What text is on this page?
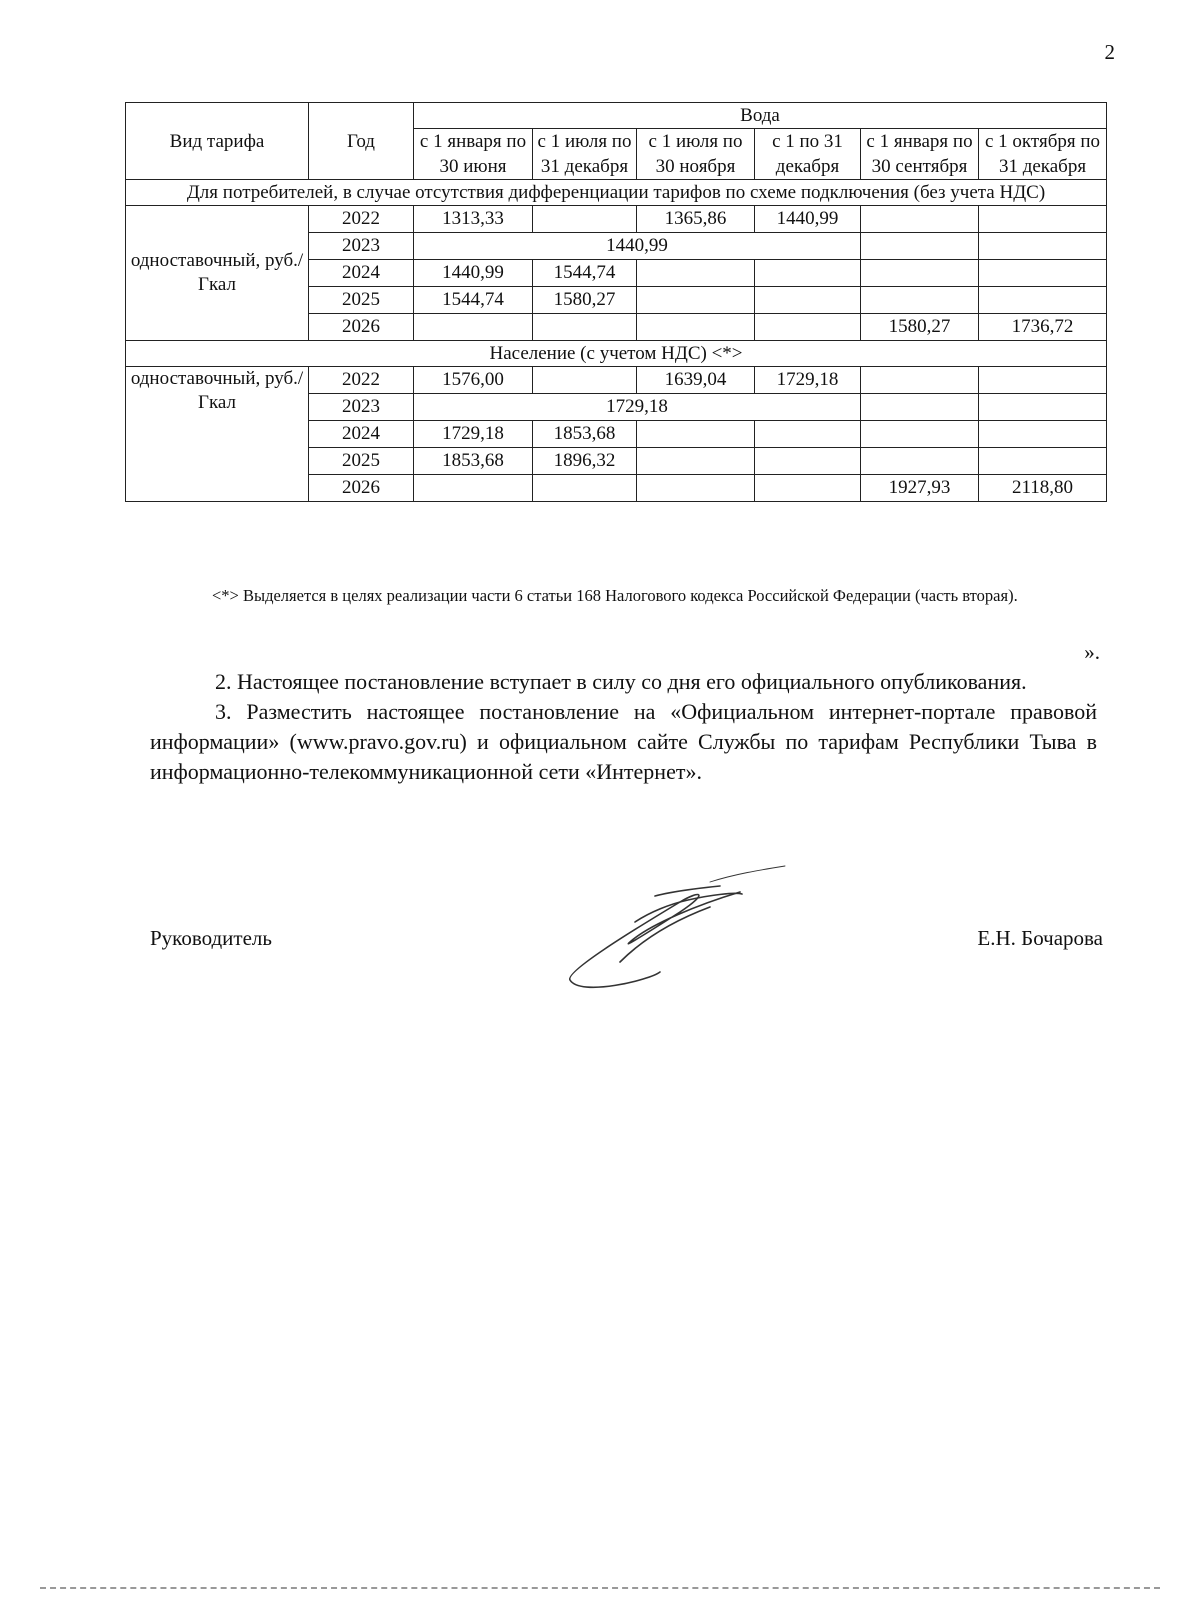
2
Вид тарифа	Год	Вода					
		с 1 января по 30 июня	с 1 июля по 31 декабря	с 1 июля по 30 ноября	с 1 по 31 декабря	с 1 января по 30 сентября	с 1 октября по 31 декабря
Для потребителей, в случае отсутствия дифференциации тарифов по схеме подключения (без учета НДС)							
одноставочный, руб./Гкал	2022	1313,33		1365,86	1440,99		
	2023	1440,99					
	2024	1440,99	1544,74				
	2025	1544,74	1580,27				
	2026					1580,27	1736,72
Население (с учетом НДС) <*>							
одноставочный, руб./Гкал	2022	1576,00		1639,04	1729,18		
	2023	1729,18					
	2024	1729,18	1853,68				
	2025	1853,68	1896,32				
	2026					1927,93	2118,80
<*> Выделяется в целях реализации части 6 статьи 168 Налогового кодекса Российской Федерации (часть вторая).
».

2. Настоящее постановление вступает в силу со дня его официального опубликования.

3. Разместить настоящее постановление на «Официальном интернет-портале правовой информации» (www.pravo.gov.ru) и официальном сайте Службы по тарифам Республики Тыва в информационно-телекоммуникационной сети «Интернет».

Руководитель	Е.Н. Бочарова
